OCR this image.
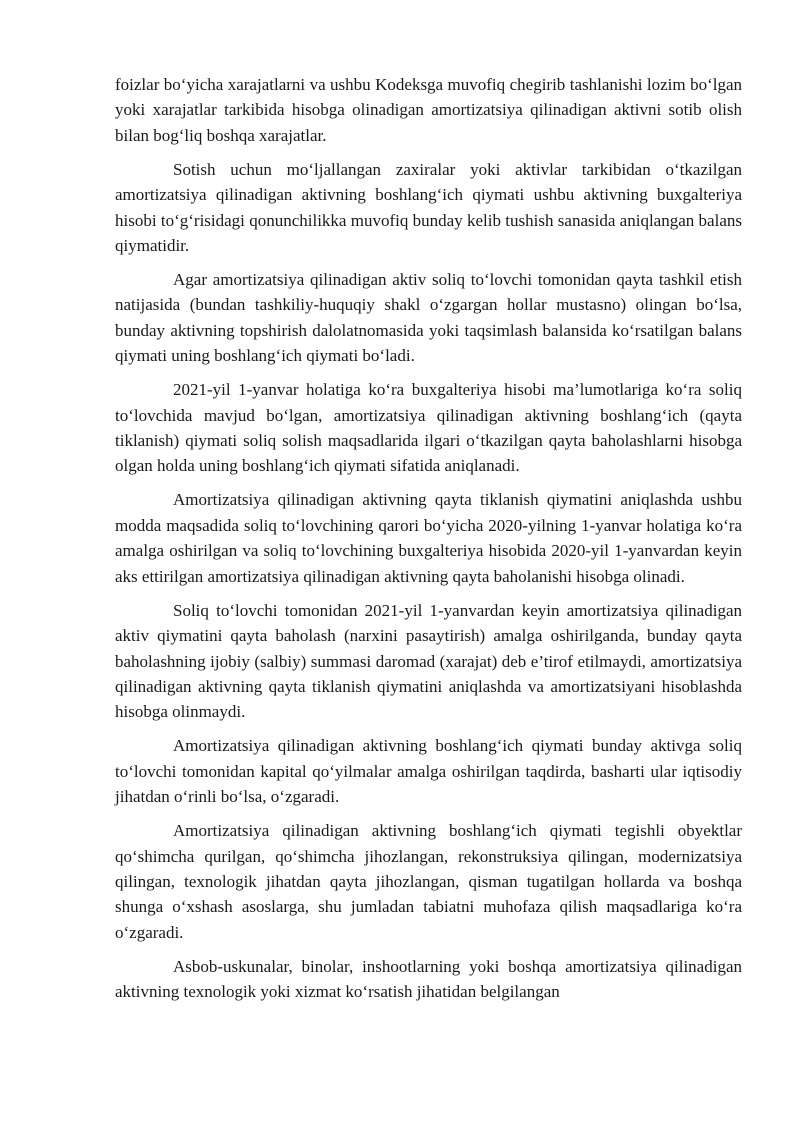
foizlar bo‘yicha xarajatlarni va ushbu Kodeksga muvofiq chegirib tashlanishi lozim bo‘lgan yoki xarajatlar tarkibida hisobga olinadigan amortizatsiya qilinadigan aktivni sotib olish bilan bog‘liq boshqa xarajatlar.

Sotish uchun mo‘ljallangan zaxiralar yoki aktivlar tarkibidan o‘tkazilgan amortizatsiya qilinadigan aktivning boshlang‘ich qiymati ushbu aktivning buxgalteriya hisobi to‘g‘risidagi qonunchilikka muvofiq bunday kelib tushish sanasida aniqlangan balans qiymatidir.

Agar amortizatsiya qilinadigan aktiv soliq to‘lovchi tomonidan qayta tashkil etish natijasida (bundan tashkiliy-huquqiy shakl o‘zgargan hollar mustasno) olingan bo‘lsa, bunday aktivning topshirish dalolatnomasida yoki taqsimlash balansida ko‘rsatilgan balans qiymati uning boshlang‘ich qiymati bo‘ladi.

2021-yil 1-yanvar holatiga ko‘ra buxgalteriya hisobi ma’lumotlariga ko‘ra soliq to‘lovchida mavjud bo‘lgan, amortizatsiya qilinadigan aktivning boshlang‘ich (qayta tiklanish) qiymati soliq solish maqsadlarida ilgari o‘tkazilgan qayta baholashlarni hisobga olgan holda uning boshlang‘ich qiymati sifatida aniqlanadi.

Amortizatsiya qilinadigan aktivning qayta tiklanish qiymatini aniqlashda ushbu modda maqsadida soliq to‘lovchining qarori bo‘yicha 2020-yilning 1-yanvar holatiga ko‘ra amalga oshirilgan va soliq to‘lovchining buxgalteriya hisobida 2020-yil 1-yanvardan keyin aks ettirilgan amortizatsiya qilinadigan aktivning qayta baholanishi hisobga olinadi.

Soliq to‘lovchi tomonidan 2021-yil 1-yanvardan keyin amortizatsiya qilinadigan aktiv qiymatini qayta baholash (narxini pasaytirish) amalga oshirilganda, bunday qayta baholashning ijobiy (salbiy) summasi daromad (xarajat) deb e’tirof etilmaydi, amortizatsiya qilinadigan aktivning qayta tiklanish qiymatini aniqlashda va amortizatsiyani hisoblashda hisobga olinmaydi.

Amortizatsiya qilinadigan aktivning boshlang‘ich qiymati bunday aktivga soliq to‘lovchi tomonidan kapital qo‘yilmalar amalga oshirilgan taqdirda, basharti ular iqtisodiy jihatdan o‘rinli bo‘lsa, o‘zgaradi.

Amortizatsiya qilinadigan aktivning boshlang‘ich qiymati tegishli obyektlar qo‘shimcha qurilgan, qo‘shimcha jihozlangan, rekonstruksiya qilingan, modernizatsiya qilingan, texnologik jihatdan qayta jihozlangan, qisman tugatilgan hollarda va boshqa shunga o‘xshash asoslarga, shu jumladan tabiatni muhofaza qilish maqsadlariga ko‘ra o‘zgaradi.

Asbob-uskunalar, binolar, inshootlarning yoki boshqa amortizatsiya qilinadigan aktivning texnologik yoki xizmat ko‘rsatish jihatidan belgilangan
